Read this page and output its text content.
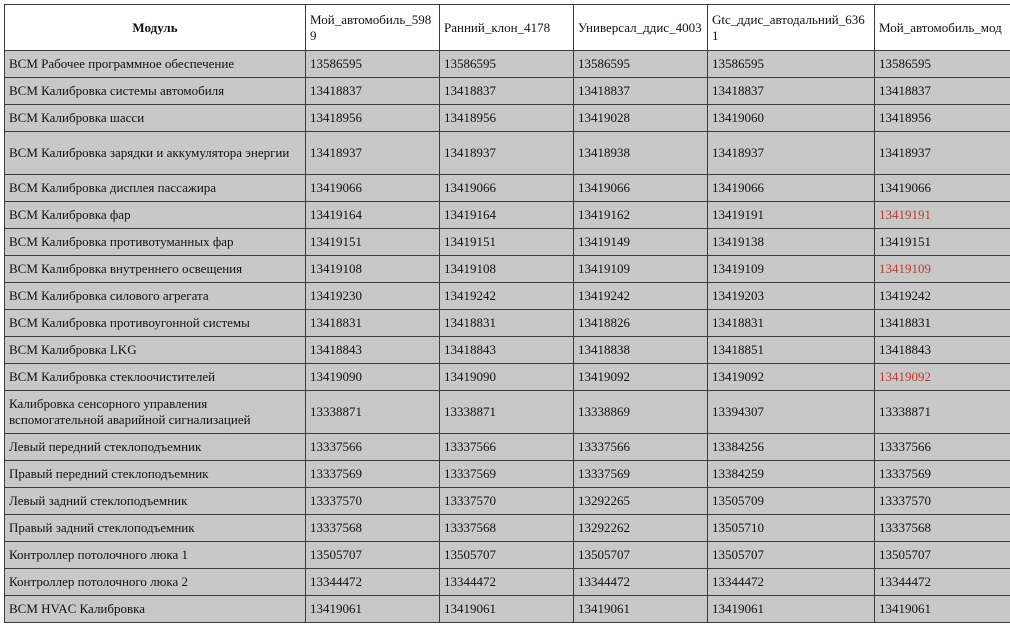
Модуль	Мой_автомобиль_5989	Ранний_клон_4178	Универсал_ддис_4003	Gtc_ддис_автодальний_6361	Мой_автомобиль_мод
BCM Рабочее программное обеспечение	13586595	13586595	13586595	13586595	13586595
BCM Калибровка системы автомобиля	13418837	13418837	13418837	13418837	13418837
BCM Калибровка шасси	13418956	13418956	13419028	13419060	13418956
BCM Калибровка зарядки и аккумулятора энергии	13418937	13418937	13418938	13418937	13418937
BCM Калибровка дисплея пассажира	13419066	13419066	13419066	13419066	13419066
BCM Калибровка фар	13419164	13419164	13419162	13419191	13419191
BCM Калибровка противотуманных фар	13419151	13419151	13419149	13419138	13419151
BCM Калибровка внутреннего освещения	13419108	13419108	13419109	13419109	13419109
BCM Калибровка силового агрегата	13419230	13419242	13419242	13419203	13419242
BCM Калибровка противоугонной системы	13418831	13418831	13418826	13418831	13418831
BCM Калибровка LKG	13418843	13418843	13418838	13418851	13418843
BCM Калибровка стеклоочистителей	13419090	13419090	13419092	13419092	13419092
Калибровка сенсорного управления вспомогательной аварийной сигнализацией	13338871	13338871	13338869	13394307	13338871
Левый передний стеклоподъемник	13337566	13337566	13337566	13384256	13337566
Правый передний стеклоподъемник	13337569	13337569	13337569	13384259	13337569
Левый задний стеклоподъемник	13337570	13337570	13292265	13505709	13337570
Правый задний стеклоподъемник	13337568	13337568	13292262	13505710	13337568
Контроллер потолочного люка 1	13505707	13505707	13505707	13505707	13505707
Контроллер потолочного люка 2	13344472	13344472	13344472	13344472	13344472
BCM HVAC Калибровка	13419061	13419061	13419061	13419061	13419061
